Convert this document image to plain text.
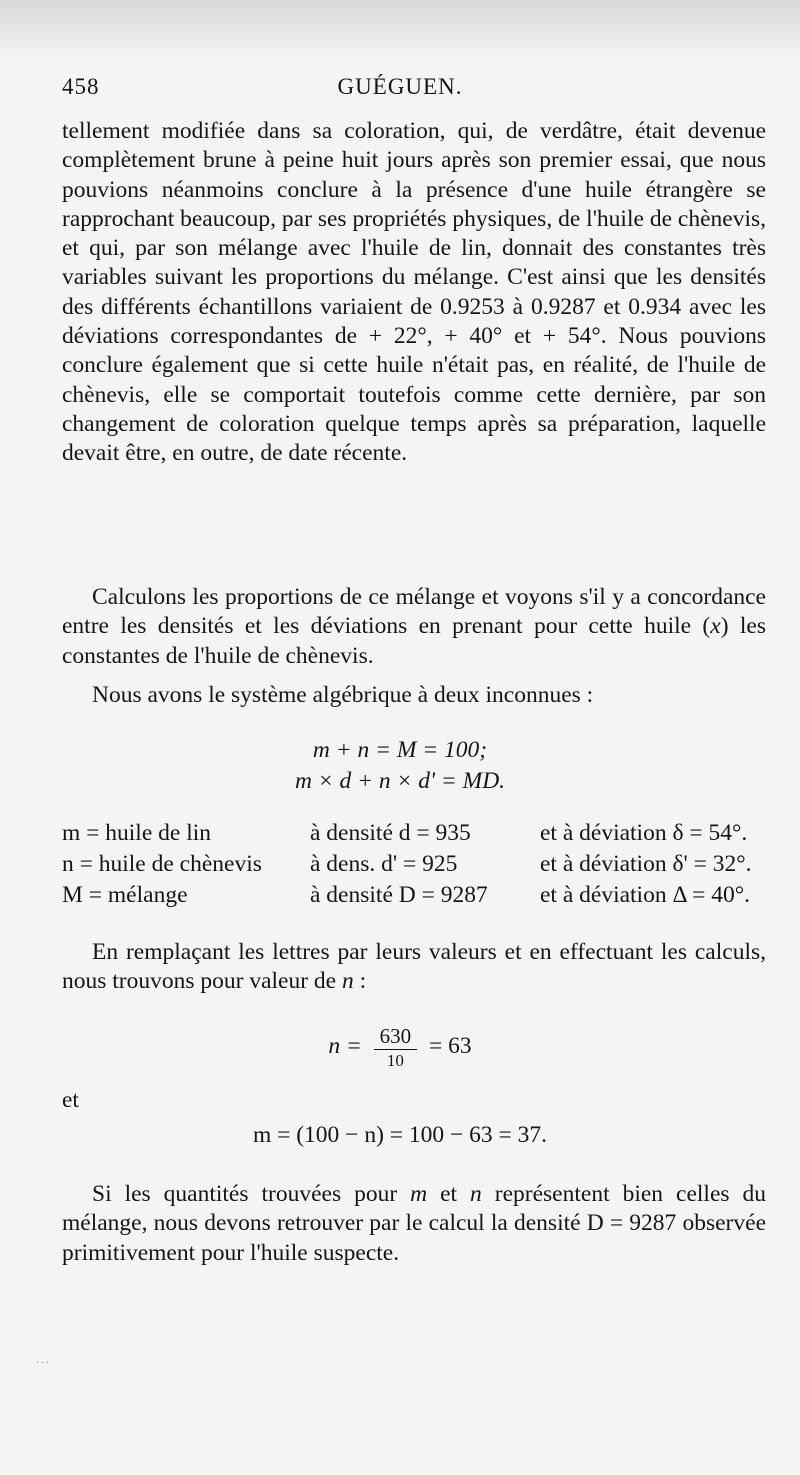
458	GUÉGUEN.

tellement modifiée dans sa coloration, qui, de verdâtre, était devenue complètement brune à peine huit jours après son premier essai, que nous pouvions néanmoins conclure à la présence d'une huile étrangère se rapprochant beaucoup, par ses propriétés physiques, de l'huile de chènevis, et qui, par son mélange avec l'huile de lin, donnait des constantes très variables suivant les proportions du mélange. C'est ainsi que les densités des différents échantillons variaient de 0.9253 à 0.9287 et 0.934 avec les déviations correspondantes de + 22°, + 40° et + 54°. Nous pouvions conclure également que si cette huile n'était pas, en réalité, de l'huile de chènevis, elle se comportait toutefois comme cette dernière, par son changement de coloration quelque temps après sa préparation, laquelle devait être, en outre, de date récente.

Calculons les proportions de ce mélange et voyons s'il y a concordance entre les densités et les déviations en prenant pour cette huile (x) les constantes de l'huile de chènevis.

Nous avons le système algébrique à deux inconnues :

m + n = M = 100;
m × d + n × d' = MD.
m = huile de lin	à densité d = 935	et à déviation δ = 54°.
n = huile de chènevis	à dens. d' = 925	et à déviation δ' = 32°.
M = mélange	à densité D = 9287	et à déviation Δ = 40°.

En remplaçant les lettres par leurs valeurs et en effectuant les calculs, nous trouvons pour valeur de n :

$n = \frac{630}{10} = 63$
et
m = (100 − n) = 100 − 63 = 37.

Si les quantités trouvées pour m et n représentent bien celles du mélange, nous devons retrouver par le calcul la densité D = 9287 observée primitivement pour l'huile suspecte.

...
